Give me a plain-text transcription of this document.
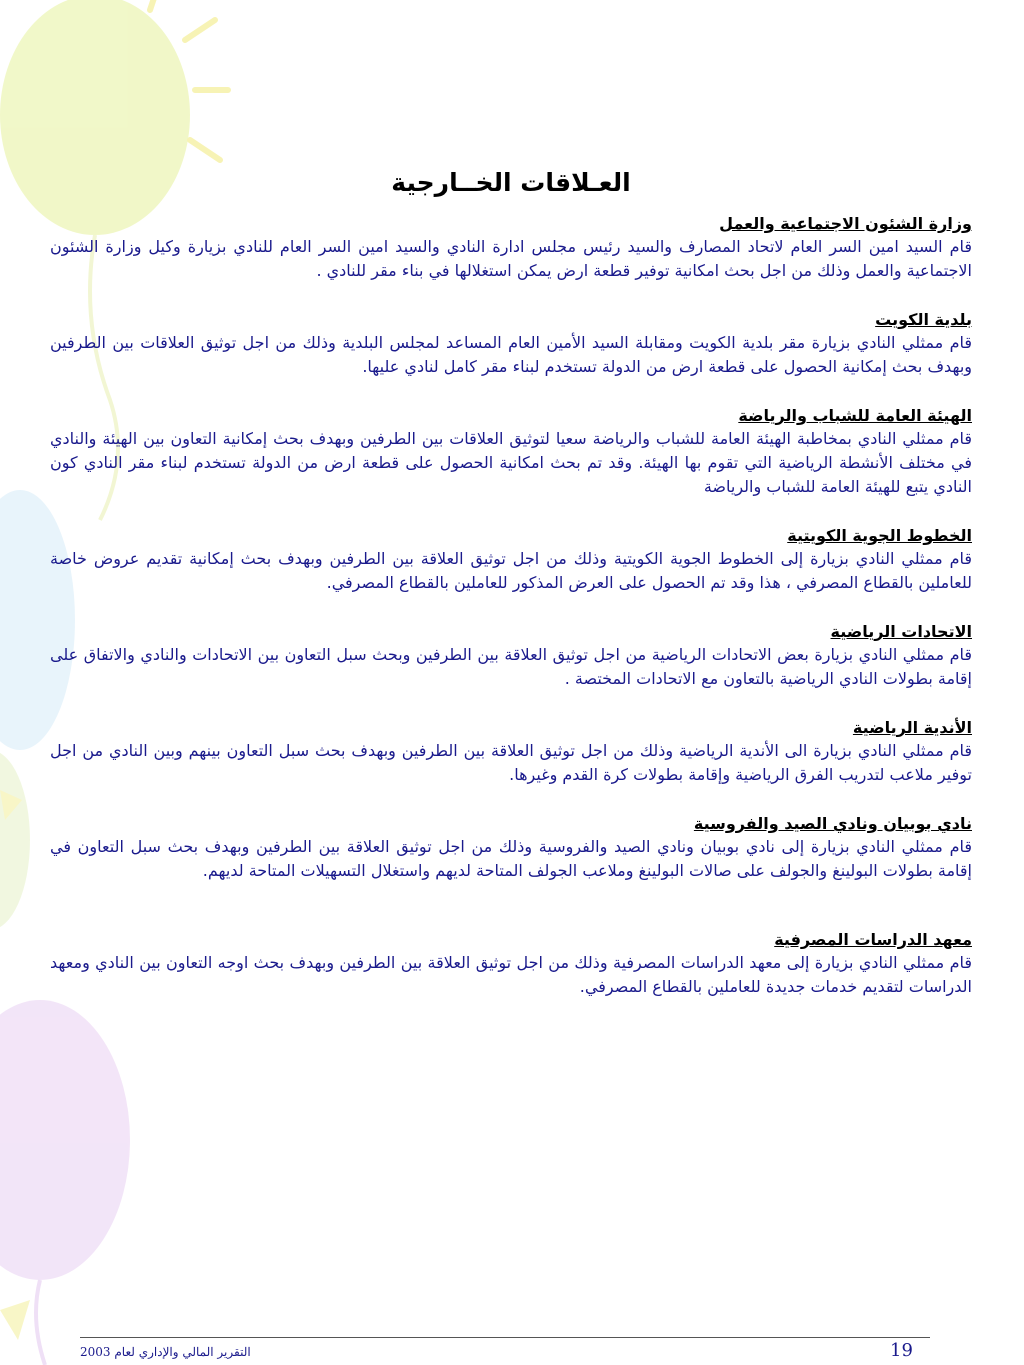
العـلاقات الخــارجية

وزارة الشئون الاجتماعية والعمل

قام السيد امين السر العام لاتحاد المصارف والسيد رئيس مجلس ادارة النادي والسيد امين السر العام للنادي بزيارة وكيل وزارة الشئون الاجتماعية والعمل وذلك من اجل بحث امكانية توفير قطعة ارض يمكن استغلالها في بناء مقر للنادي .

بلدية الكويت

قام ممثلي النادي بزيارة مقر بلدية الكويت ومقابلة السيد الأمين العام المساعد لمجلس البلدية وذلك من اجل توثيق العلاقات بين الطرفين وبهدف بحث إمكانية الحصول على قطعة ارض من الدولة تستخدم لبناء مقر كامل لنادي عليها.

الهيئة العامة للشباب والرياضة

قام ممثلي النادي بمخاطبة الهيئة العامة للشباب والرياضة سعيا لتوثيق العلاقات بين الطرفين وبهدف بحث إمكانية التعاون بين الهيئة والنادي في مختلف الأنشطة الرياضية التي تقوم بها الهيئة. وقد تم بحث امكانية الحصول على قطعة ارض من الدولة تستخدم لبناء مقر النادي كون النادي يتبع للهيئة العامة للشباب والرياضة

الخطوط الجوية الكويتية

قام ممثلي النادي بزيارة إلى الخطوط الجوية الكويتية وذلك من اجل توثيق العلاقة بين الطرفين وبهدف بحث إمكانية تقديم عروض خاصة للعاملين بالقطاع المصرفي ، هذا وقد تم الحصول على العرض المذكور للعاملين بالقطاع المصرفي.

الاتحادات الرياضية

قام ممثلي النادي بزيارة بعض الاتحادات الرياضية من اجل توثيق العلاقة بين الطرفين وبحث سبل التعاون بين الاتحادات والنادي والاتفاق على إقامة بطولات النادي الرياضية بالتعاون مع الاتحادات المختصة .

الأندية الرياضية

قام ممثلي النادي بزيارة الى الأندية الرياضية وذلك من اجل توثيق العلاقة بين الطرفين وبهدف بحث سبل التعاون بينهم وبين النادي من اجل توفير ملاعب لتدريب الفرق الرياضية وإقامة بطولات كرة القدم وغيرها.

نادي بوبيان ونادي الصيد والفروسية

قام ممثلي النادي بزيارة إلى نادي بوبيان ونادي الصيد والفروسية وذلك من اجل توثيق العلاقة بين الطرفين وبهدف بحث سبل التعاون في إقامة بطولات البولينغ والجولف على صالات البولينغ وملاعب الجولف المتاحة لديهم واستغلال التسهيلات المتاحة لديهم.

معهد الدراسات المصرفية

قام ممثلي النادي بزيارة إلى معهد الدراسات المصرفية وذلك من اجل توثيق العلاقة بين الطرفين وبهدف بحث اوجه التعاون بين النادي ومعهد الدراسات لتقديم خدمات جديدة للعاملين بالقطاع المصرفي.

19
التقرير المالي والإداري لعام 2003
